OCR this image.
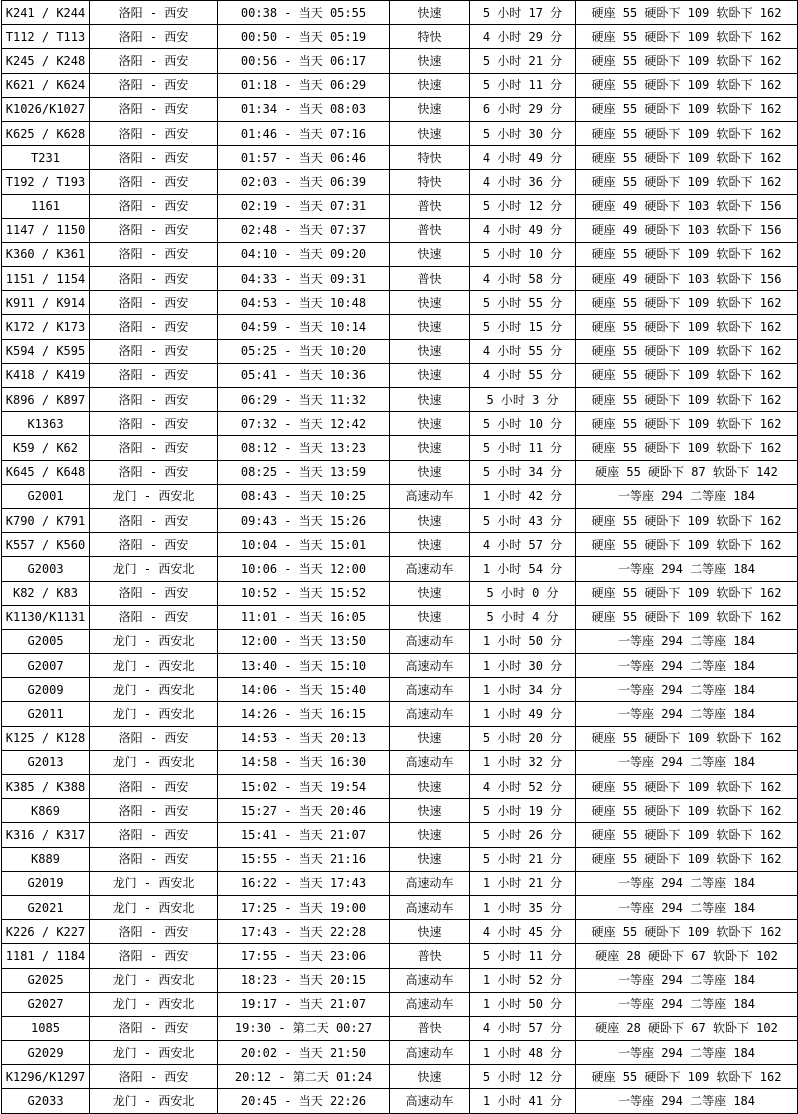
K241 / K244	洛阳 - 西安	00:38 - 当天 05:55	快速	5 小时 17 分	硬座 55 硬卧下 109 软卧下 162
T112 / T113	洛阳 - 西安	00:50 - 当天 05:19	特快	4 小时 29 分	硬座 55 硬卧下 109 软卧下 162
K245 / K248	洛阳 - 西安	00:56 - 当天 06:17	快速	5 小时 21 分	硬座 55 硬卧下 109 软卧下 162
K621 / K624	洛阳 - 西安	01:18 - 当天 06:29	快速	5 小时 11 分	硬座 55 硬卧下 109 软卧下 162
K1026/K1027	洛阳 - 西安	01:34 - 当天 08:03	快速	6 小时 29 分	硬座 55 硬卧下 109 软卧下 162
K625 / K628	洛阳 - 西安	01:46 - 当天 07:16	快速	5 小时 30 分	硬座 55 硬卧下 109 软卧下 162
T231	洛阳 - 西安	01:57 - 当天 06:46	特快	4 小时 49 分	硬座 55 硬卧下 109 软卧下 162
T192 / T193	洛阳 - 西安	02:03 - 当天 06:39	特快	4 小时 36 分	硬座 55 硬卧下 109 软卧下 162
1161	洛阳 - 西安	02:19 - 当天 07:31	普快	5 小时 12 分	硬座 49 硬卧下 103 软卧下 156
1147 / 1150	洛阳 - 西安	02:48 - 当天 07:37	普快	4 小时 49 分	硬座 49 硬卧下 103 软卧下 156
K360 / K361	洛阳 - 西安	04:10 - 当天 09:20	快速	5 小时 10 分	硬座 55 硬卧下 109 软卧下 162
1151 / 1154	洛阳 - 西安	04:33 - 当天 09:31	普快	4 小时 58 分	硬座 49 硬卧下 103 软卧下 156
K911 / K914	洛阳 - 西安	04:53 - 当天 10:48	快速	5 小时 55 分	硬座 55 硬卧下 109 软卧下 162
K172 / K173	洛阳 - 西安	04:59 - 当天 10:14	快速	5 小时 15 分	硬座 55 硬卧下 109 软卧下 162
K594 / K595	洛阳 - 西安	05:25 - 当天 10:20	快速	4 小时 55 分	硬座 55 硬卧下 109 软卧下 162
K418 / K419	洛阳 - 西安	05:41 - 当天 10:36	快速	4 小时 55 分	硬座 55 硬卧下 109 软卧下 162
K896 / K897	洛阳 - 西安	06:29 - 当天 11:32	快速	5 小时 3 分	硬座 55 硬卧下 109 软卧下 162
K1363	洛阳 - 西安	07:32 - 当天 12:42	快速	5 小时 10 分	硬座 55 硬卧下 109 软卧下 162
K59 / K62	洛阳 - 西安	08:12 - 当天 13:23	快速	5 小时 11 分	硬座 55 硬卧下 109 软卧下 162
K645 / K648	洛阳 - 西安	08:25 - 当天 13:59	快速	5 小时 34 分	硬座 55 硬卧下 87 软卧下 142
G2001	龙门 - 西安北	08:43 - 当天 10:25	高速动车	1 小时 42 分	一等座 294 二等座 184
K790 / K791	洛阳 - 西安	09:43 - 当天 15:26	快速	5 小时 43 分	硬座 55 硬卧下 109 软卧下 162
K557 / K560	洛阳 - 西安	10:04 - 当天 15:01	快速	4 小时 57 分	硬座 55 硬卧下 109 软卧下 162
G2003	龙门 - 西安北	10:06 - 当天 12:00	高速动车	1 小时 54 分	一等座 294 二等座 184
K82 / K83	洛阳 - 西安	10:52 - 当天 15:52	快速	5 小时 0 分	硬座 55 硬卧下 109 软卧下 162
K1130/K1131	洛阳 - 西安	11:01 - 当天 16:05	快速	5 小时 4 分	硬座 55 硬卧下 109 软卧下 162
G2005	龙门 - 西安北	12:00 - 当天 13:50	高速动车	1 小时 50 分	一等座 294 二等座 184
G2007	龙门 - 西安北	13:40 - 当天 15:10	高速动车	1 小时 30 分	一等座 294 二等座 184
G2009	龙门 - 西安北	14:06 - 当天 15:40	高速动车	1 小时 34 分	一等座 294 二等座 184
G2011	龙门 - 西安北	14:26 - 当天 16:15	高速动车	1 小时 49 分	一等座 294 二等座 184
K125 / K128	洛阳 - 西安	14:53 - 当天 20:13	快速	5 小时 20 分	硬座 55 硬卧下 109 软卧下 162
G2013	龙门 - 西安北	14:58 - 当天 16:30	高速动车	1 小时 32 分	一等座 294 二等座 184
K385 / K388	洛阳 - 西安	15:02 - 当天 19:54	快速	4 小时 52 分	硬座 55 硬卧下 109 软卧下 162
K869	洛阳 - 西安	15:27 - 当天 20:46	快速	5 小时 19 分	硬座 55 硬卧下 109 软卧下 162
K316 / K317	洛阳 - 西安	15:41 - 当天 21:07	快速	5 小时 26 分	硬座 55 硬卧下 109 软卧下 162
K889	洛阳 - 西安	15:55 - 当天 21:16	快速	5 小时 21 分	硬座 55 硬卧下 109 软卧下 162
G2019	龙门 - 西安北	16:22 - 当天 17:43	高速动车	1 小时 21 分	一等座 294 二等座 184
G2021	龙门 - 西安北	17:25 - 当天 19:00	高速动车	1 小时 35 分	一等座 294 二等座 184
K226 / K227	洛阳 - 西安	17:43 - 当天 22:28	快速	4 小时 45 分	硬座 55 硬卧下 109 软卧下 162
1181 / 1184	洛阳 - 西安	17:55 - 当天 23:06	普快	5 小时 11 分	硬座 28 硬卧下 67 软卧下 102
G2025	龙门 - 西安北	18:23 - 当天 20:15	高速动车	1 小时 52 分	一等座 294 二等座 184
G2027	龙门 - 西安北	19:17 - 当天 21:07	高速动车	1 小时 50 分	一等座 294 二等座 184
1085	洛阳 - 西安	19:30 - 第二天 00:27	普快	4 小时 57 分	硬座 28 硬卧下 67 软卧下 102
G2029	龙门 - 西安北	20:02 - 当天 21:50	高速动车	1 小时 48 分	一等座 294 二等座 184
K1296/K1297	洛阳 - 西安	20:12 - 第二天 01:24	快速	5 小时 12 分	硬座 55 硬卧下 109 软卧下 162
G2033	龙门 - 西安北	20:45 - 当天 22:26	高速动车	1 小时 41 分	一等座 294 二等座 184
